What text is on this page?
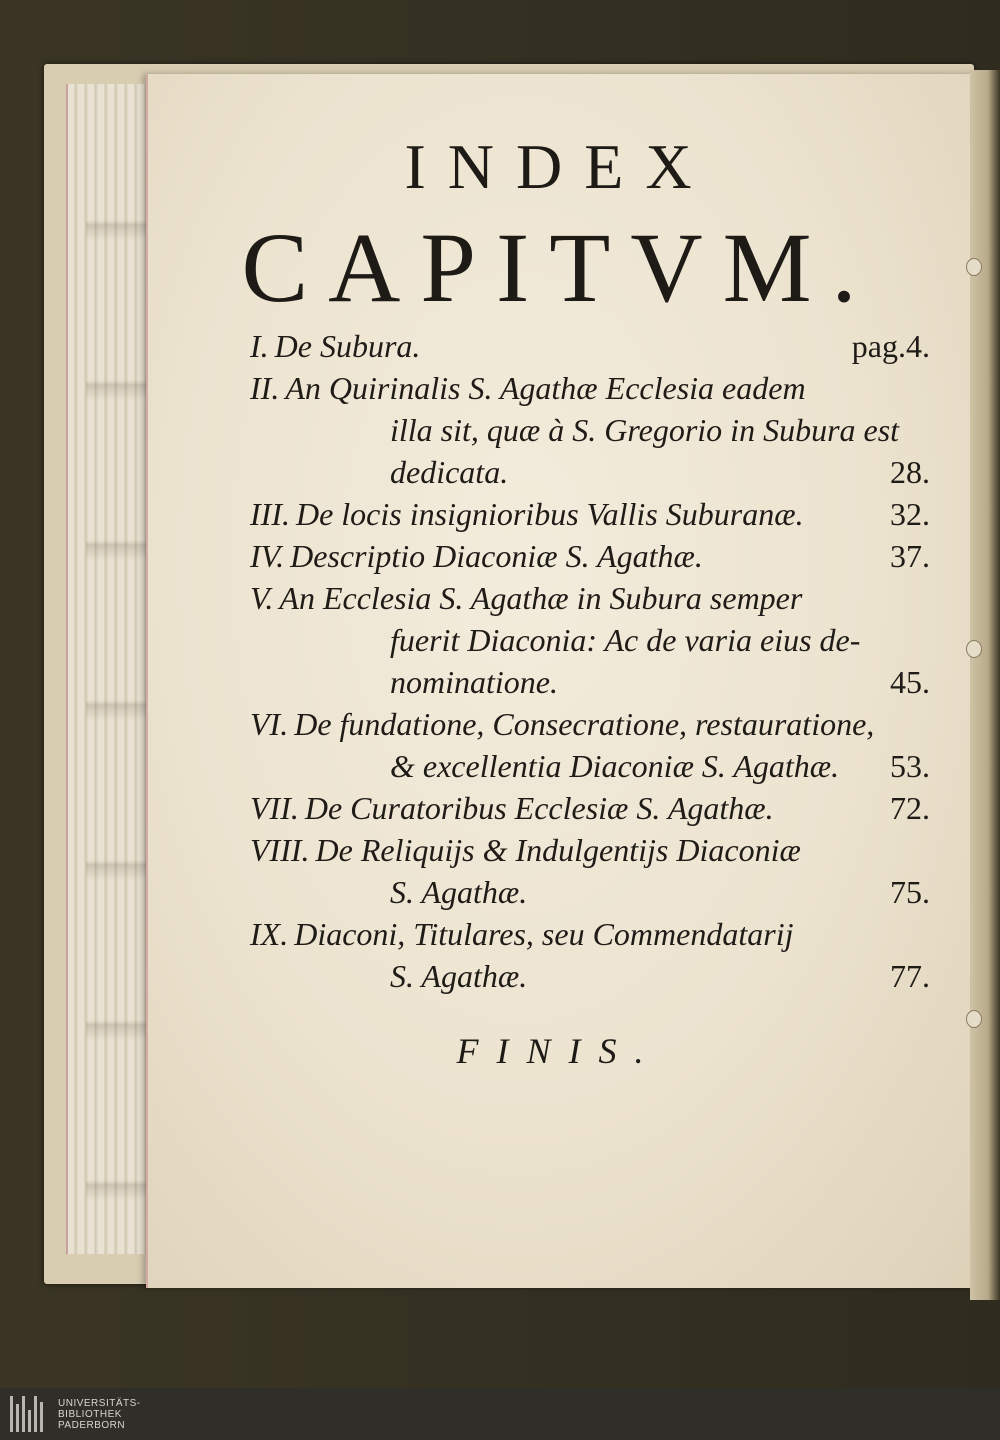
INDEX
CAPITVM.
I. De Subura.	pag.4.
II. An Quirinalis S. Agathæ Ecclesia eadem
illa sit, quæ à S. Gregorio in Subura est
dedicata.	28.
III. De locis insignioribus Vallis Suburanæ.	32.
IV. Descriptio Diaconiæ S. Agathæ.	37.
V. An Ecclesia S. Agathæ in Subura semper
fuerit Diaconia: Ac de varia eius de-
nominatione.	45.
VI. De fundatione, Consecratione, restauratione,
& excellentia Diaconiæ S. Agathæ. 53.
VII. De Curatoribus Ecclesiæ S. Agathæ.	72.
VIII. De Reliquijs & Indulgentijs Diaconiæ
S. Agathæ.	75.
IX. Diaconi, Titulares, seu Commendatarij
S. Agathæ.	77.

FINIS.

UNIVERSITÄTS-
BIBLIOTHEK
PADERBORN
